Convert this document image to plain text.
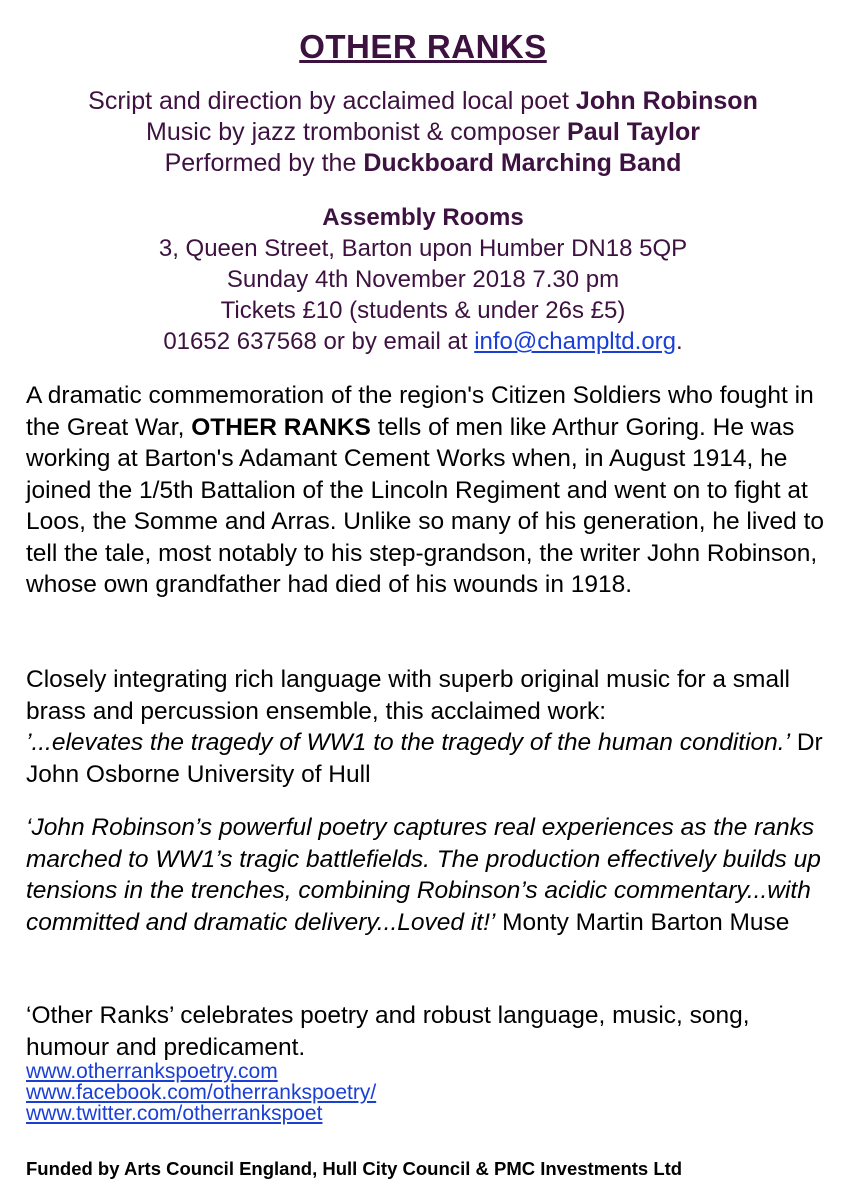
OTHER RANKS
Script and direction by acclaimed local poet John Robinson
Music by jazz trombonist & composer Paul Taylor
Performed by the Duckboard Marching Band
Assembly Rooms
3, Queen Street, Barton upon Humber DN18 5QP
Sunday 4th November 2018 7.30 pm
Tickets £10 (students & under 26s £5)
01652 637568 or by email at info@champltd.org.
A dramatic commemoration of the region's Citizen Soldiers who fought in the Great War, OTHER RANKS tells of men like Arthur Goring. He was working at Barton's Adamant Cement Works when, in August 1914, he joined the 1/5th Battalion of the Lincoln Regiment and went on to fight at Loos, the Somme and Arras. Unlike so many of his generation, he lived to tell the tale, most notably to his step-grandson, the writer John Robinson, whose own grandfather had died of his wounds in 1918.
Closely integrating rich language with superb original music for a small brass and percussion ensemble, this acclaimed work:
’...elevates the tragedy of WW1 to the tragedy of the human condition.’ Dr John Osborne University of Hull
‘John Robinson’s powerful poetry captures real experiences as the ranks marched to WW1’s tragic battlefields. The production effectively builds up tensions in the trenches, combining Robinson’s acidic commentary...with committed and dramatic delivery...Loved it!’ Monty Martin Barton Muse
‘Other Ranks’ celebrates poetry and robust language, music, song, humour and predicament.
www.otherrankspoetry.com
www.facebook.com/otherrankspoetry/
www.twitter.com/otherrankspoet
Funded by Arts Council England, Hull City Council & PMC Investments Ltd
